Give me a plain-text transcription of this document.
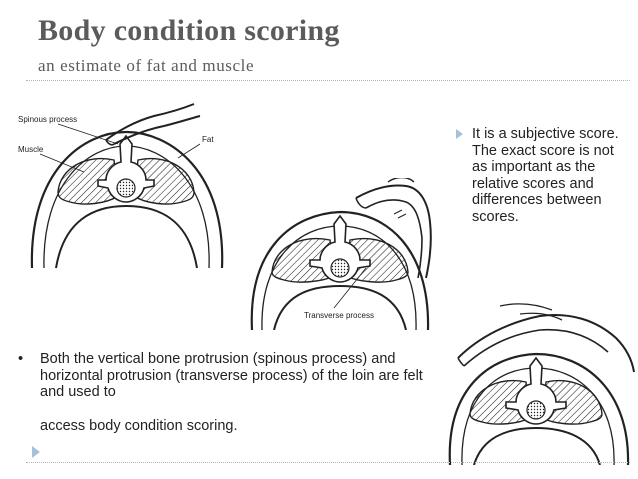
Body condition scoring
an estimate of fat and muscle
Spinous process
Muscle
Fat
Transverse process
It is a subjective score. The exact score is not as important as the relative scores and differences between scores.
• Both the vertical bone protrusion (spinous process) and horizontal protrusion (transverse process) of the loin are felt and used to
access body condition scoring.
